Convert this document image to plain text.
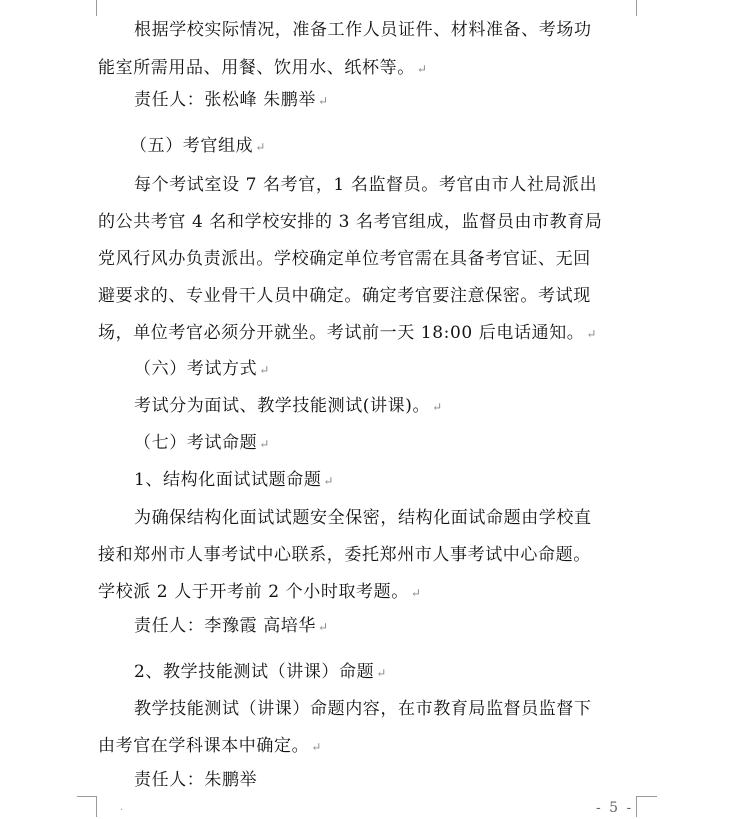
根据学校实际情况，准备工作人员证件、材料准备、考场功
能室所需用品、用餐、饮用水、纸杯等。 ↵
责任人：张松峰 朱鹏举 ↵
（五）考官组成 ↵
每个考试室设 7 名考官，1 名监督员。考官由市人社局派出
的公共考官 4 名和学校安排的 3 名考官组成，监督员由市教育局
党风行风办负责派出。学校确定单位考官需在具备考官证、无回
避要求的、专业骨干人员中确定。确定考官要注意保密。考试现
场，单位考官必须分开就坐。考试前一天 18:00 后电话通知。 ↵
（六）考试方式 ↵
考试分为面试、教学技能测试(讲课)。 ↵
（七）考试命题 ↵
1、结构化面试试题命题 ↵
为确保结构化面试试题安全保密，结构化面试命题由学校直
接和郑州市人事考试中心联系，委托郑州市人事考试中心命题。
学校派 2 人于开考前 2 个小时取考题。 ↵
责任人：李豫霞 高培华 ↵
2、教学技能测试（讲课）命题 ↵
教学技能测试（讲课）命题内容，在市教育局监督员监督下
由考官在学科课本中确定。 ↵
责任人：朱鹏举
.	- 5 -
